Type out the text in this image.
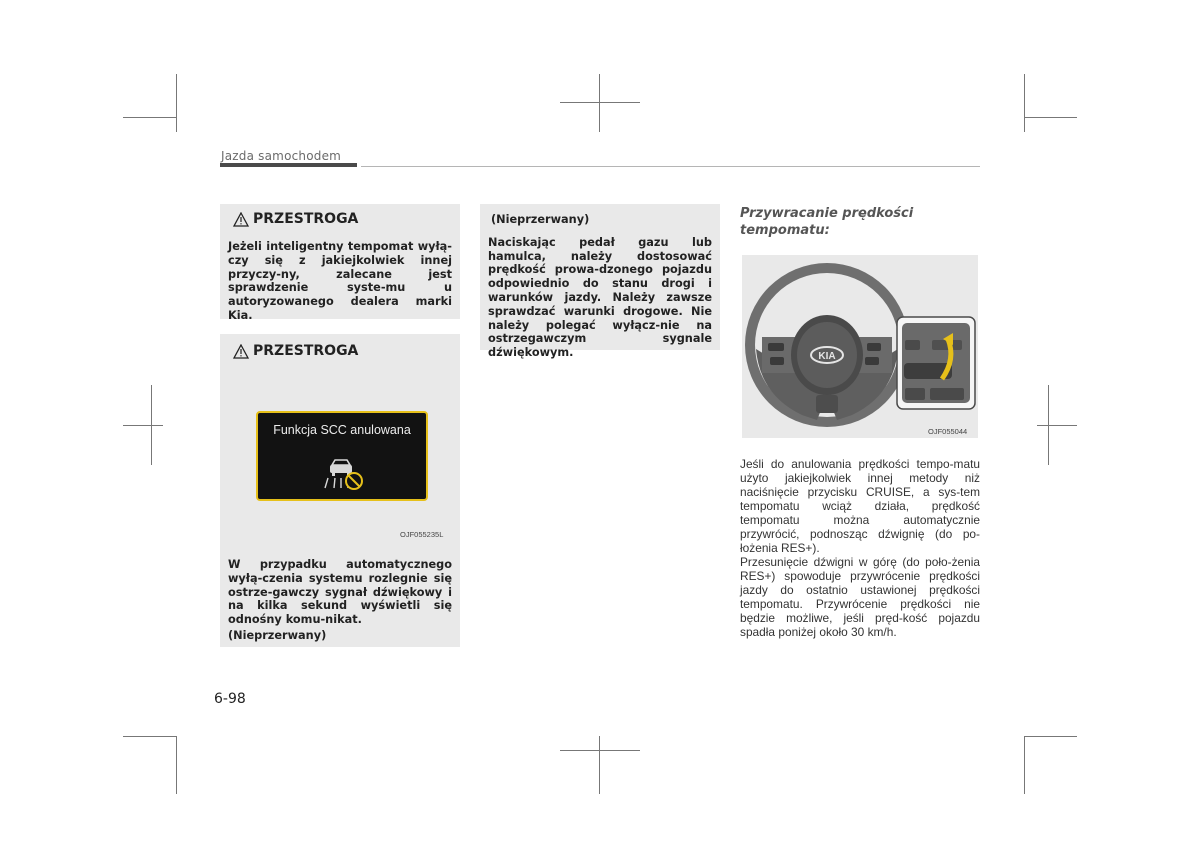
Jazda samochodem
PRZESTROGA
Jeżeli inteligentny tempomat wyłą-czy się z jakiejkolwiek innej przyczy-ny, zalecane jest sprawdzenie syste-mu u autoryzowanego dealera marki Kia.
PRZESTROGA
W przypadku automatycznego wyłą-czenia systemu rozlegnie się ostrze-gawczy sygnał dźwiękowy i na kilka sekund wyświetli się odnośny komu-nikat.
(Nieprzerwany)
Funkcja SCC anulowana
OJF055235L
(Nieprzerwany)
Naciskając pedał gazu lub hamulca, należy dostosować prędkość prowa-dzonego pojazdu odpowiednio do stanu drogi i warunków jazdy. Należy zawsze sprawdzać warunki drogowe. Nie należy polegać wyłącz-nie na ostrzegawczym sygnale dźwiękowym.
Przywracanie prędkości tempomatu:
KIA
OJF055044
Jeśli do anulowania prędkości tempo-matu użyto jakiejkolwiek innej metody niż naciśnięcie przycisku CRUISE, a sys-tem tempomatu wciąż działa, prędkość tempomatu można automatycznie przywrócić, podnosząc dźwignię (do po-łożenia RES+).
Przesunięcie dźwigni w górę (do poło-żenia RES+) spowoduje przywrócenie prędkości jazdy do ostatnio ustawionej prędkości tempomatu. Przywrócenie prędkości nie będzie możliwe, jeśli pręd-kość pojazdu spadła poniżej około 30 km/h.
6-98
